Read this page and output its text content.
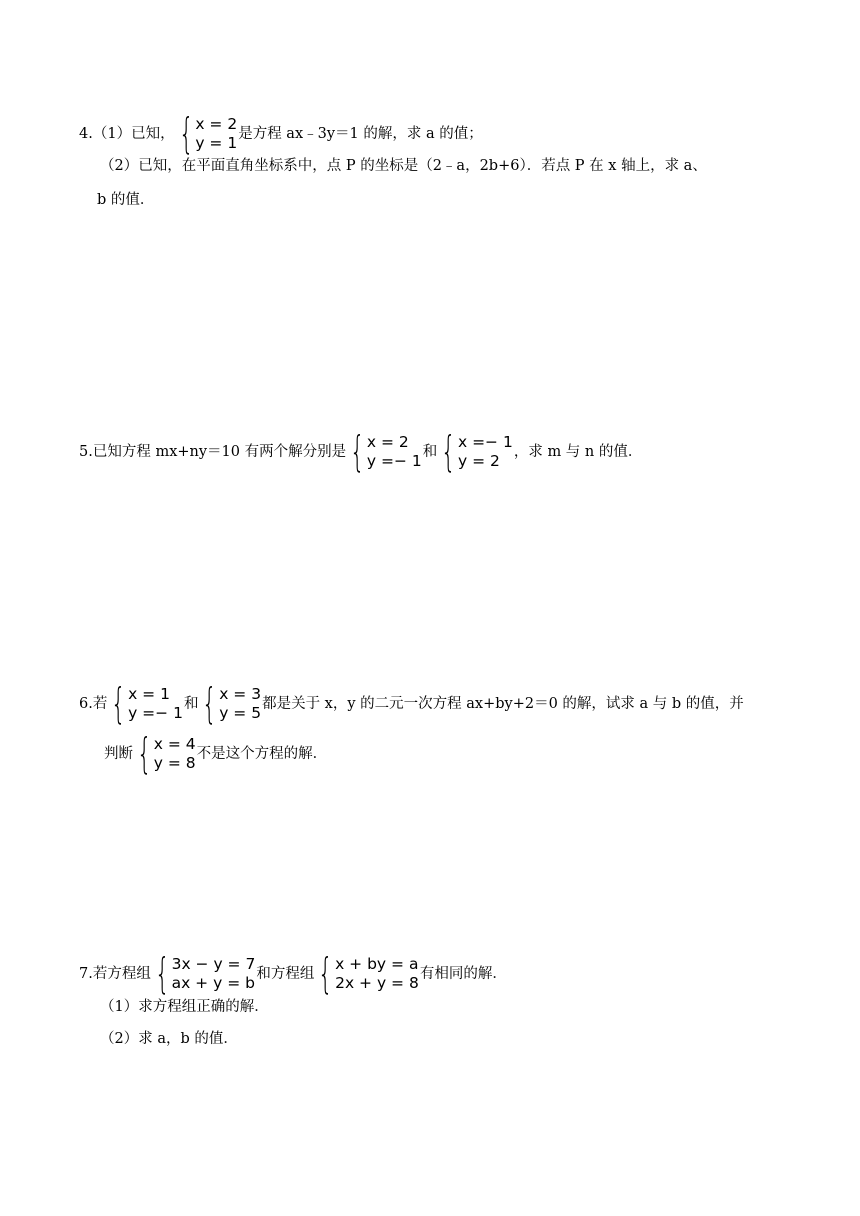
4. （1）已知， { x = 2
y = 1 是方程 ax﹣3y＝1 的解，求 a 的值；
（2）已知，在平面直角坐标系中，点 P 的坐标是（2﹣a，2b+6）．若点 P 在 x 轴上，求 a、
b 的值．
5. 已知方程 mx+ny＝10 有两个解分别是 { x = 2
y =− 1 和 { x =− 1
y = 2 ，求 m 与 n 的值．
6. 若 { x = 1
y =− 1 和 { x = 3
y = 5 都是关于 x，y 的二元一次方程 ax+by+2＝0 的解，试求 a 与 b 的值，并
判断 { x = 4
y = 8 不是这个方程的解．
7. 若方程组 { 3x − y = 7
ax + y = b 和方程组 { x + by = a
2x + y = 8 有相同的解．
（1）求方程组正确的解．
（2）求 a，b 的值．
